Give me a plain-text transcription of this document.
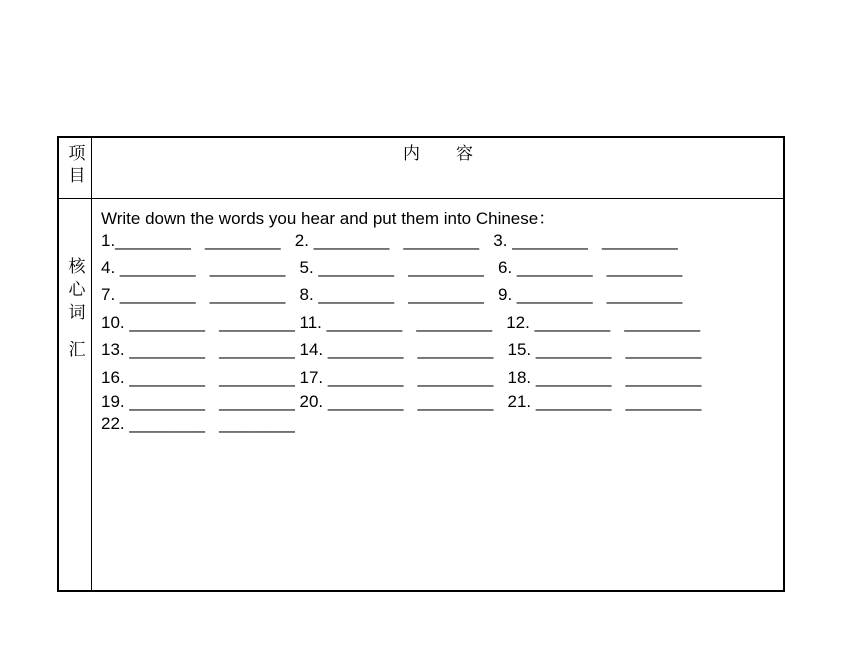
项
目
内 容
核
心
词
汇
Write down the words you hear and put them into Chinese：
1.________   ________   2. ________   ________   3. ________   ________
4. ________   ________   5. ________   ________   6. ________   ________
7. ________   ________   8. ________   ________   9. ________   ________
10. ________   ________ 11. ________   ________   12. ________   ________
13. ________   ________ 14. ________   ________   15. ________   ________
16. ________   ________ 17. ________   ________   18. ________   ________
19. ________   ________ 20. ________   ________   21. ________   ________
22. ________   ________
